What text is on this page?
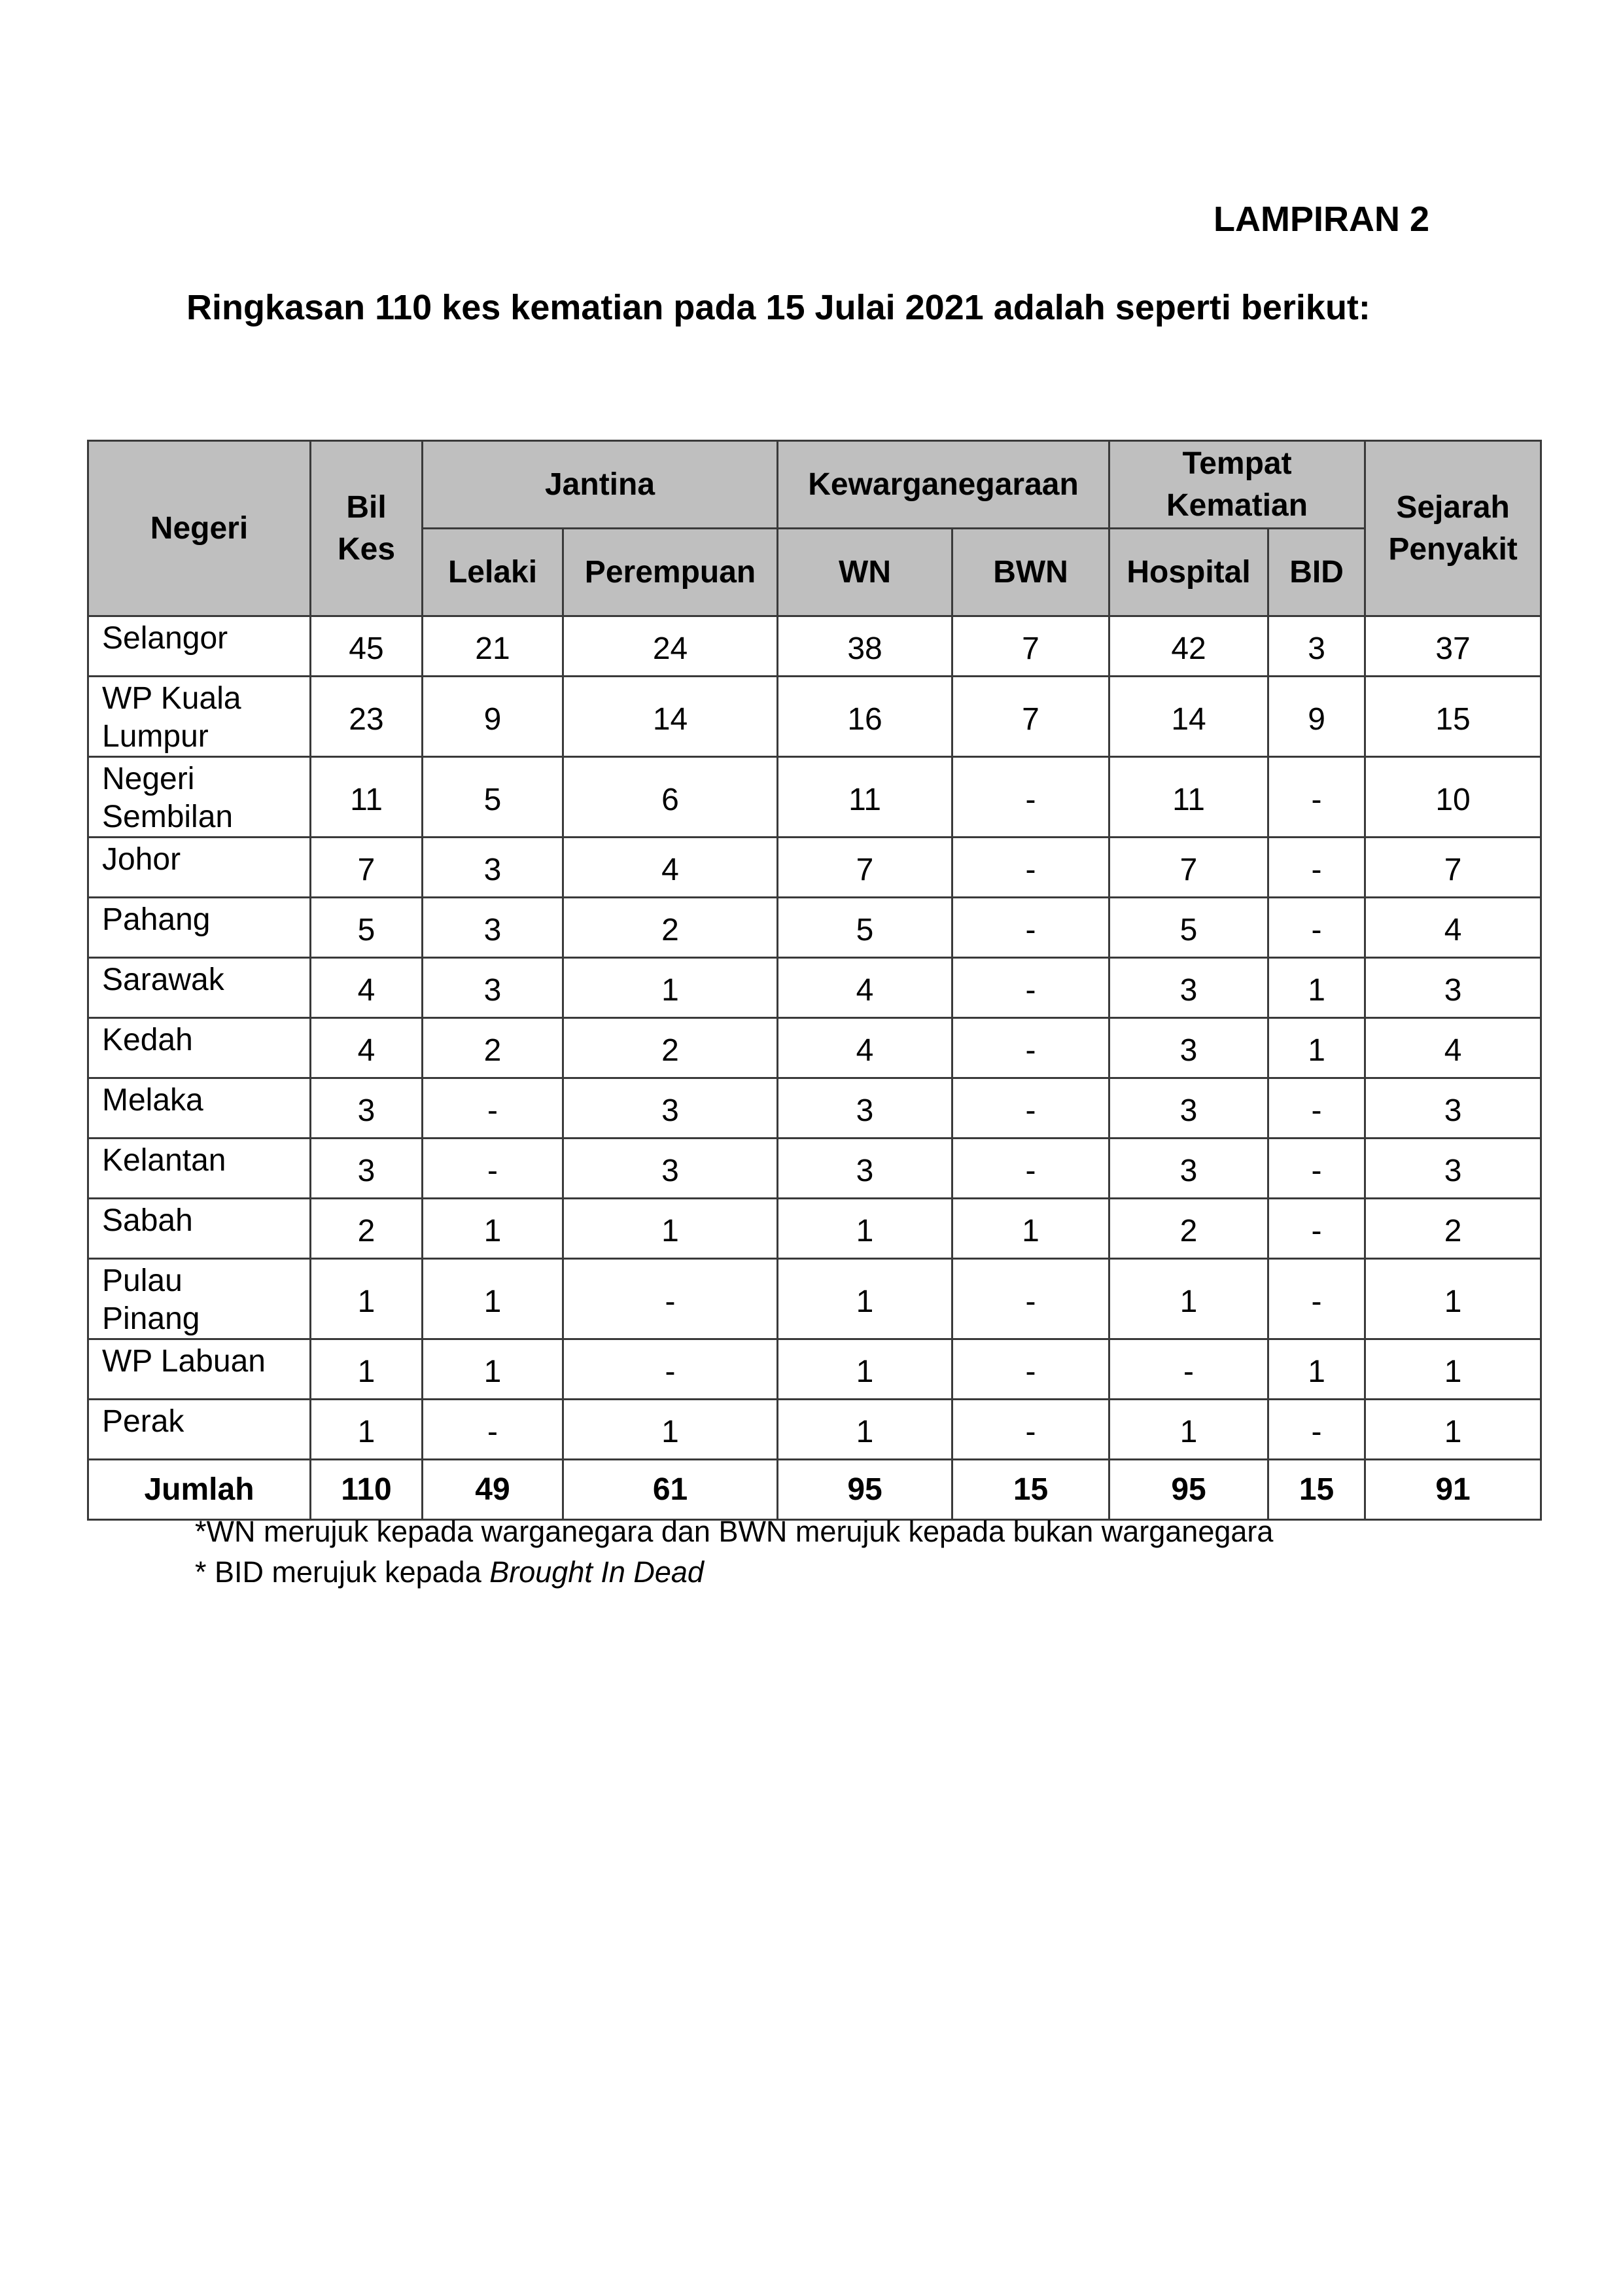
LAMPIRAN 2
Ringkasan 110 kes kematian pada 15 Julai 2021 adalah seperti berikut:
Negeri	Bil Kes	Jantina		Kewarganegaraan		Tempat Kematian		Sejarah Penyakit
		Lelaki	Perempuan	WN	BWN	Hospital	BID	
Selangor	45	21	24	38	7	42	3	37
WP Kuala Lumpur	23	9	14	16	7	14	9	15
Negeri Sembilan	11	5	6	11	-	11	-	10
Johor	7	3	4	7	-	7	-	7
Pahang	5	3	2	5	-	5	-	4
Sarawak	4	3	1	4	-	3	1	3
Kedah	4	2	2	4	-	3	1	4
Melaka	3	-	3	3	-	3	-	3
Kelantan	3	-	3	3	-	3	-	3
Sabah	2	1	1	1	1	2	-	2
Pulau Pinang	1	1	-	1	-	1	-	1
WP Labuan	1	1	-	1	-	-	1	1
Perak	1	-	1	1	-	1	-	1
Jumlah	110	49	61	95	15	95	15	91
*WN merujuk kepada warganegara dan BWN merujuk kepada bukan warganegara
* BID merujuk kepada Brought In Dead
